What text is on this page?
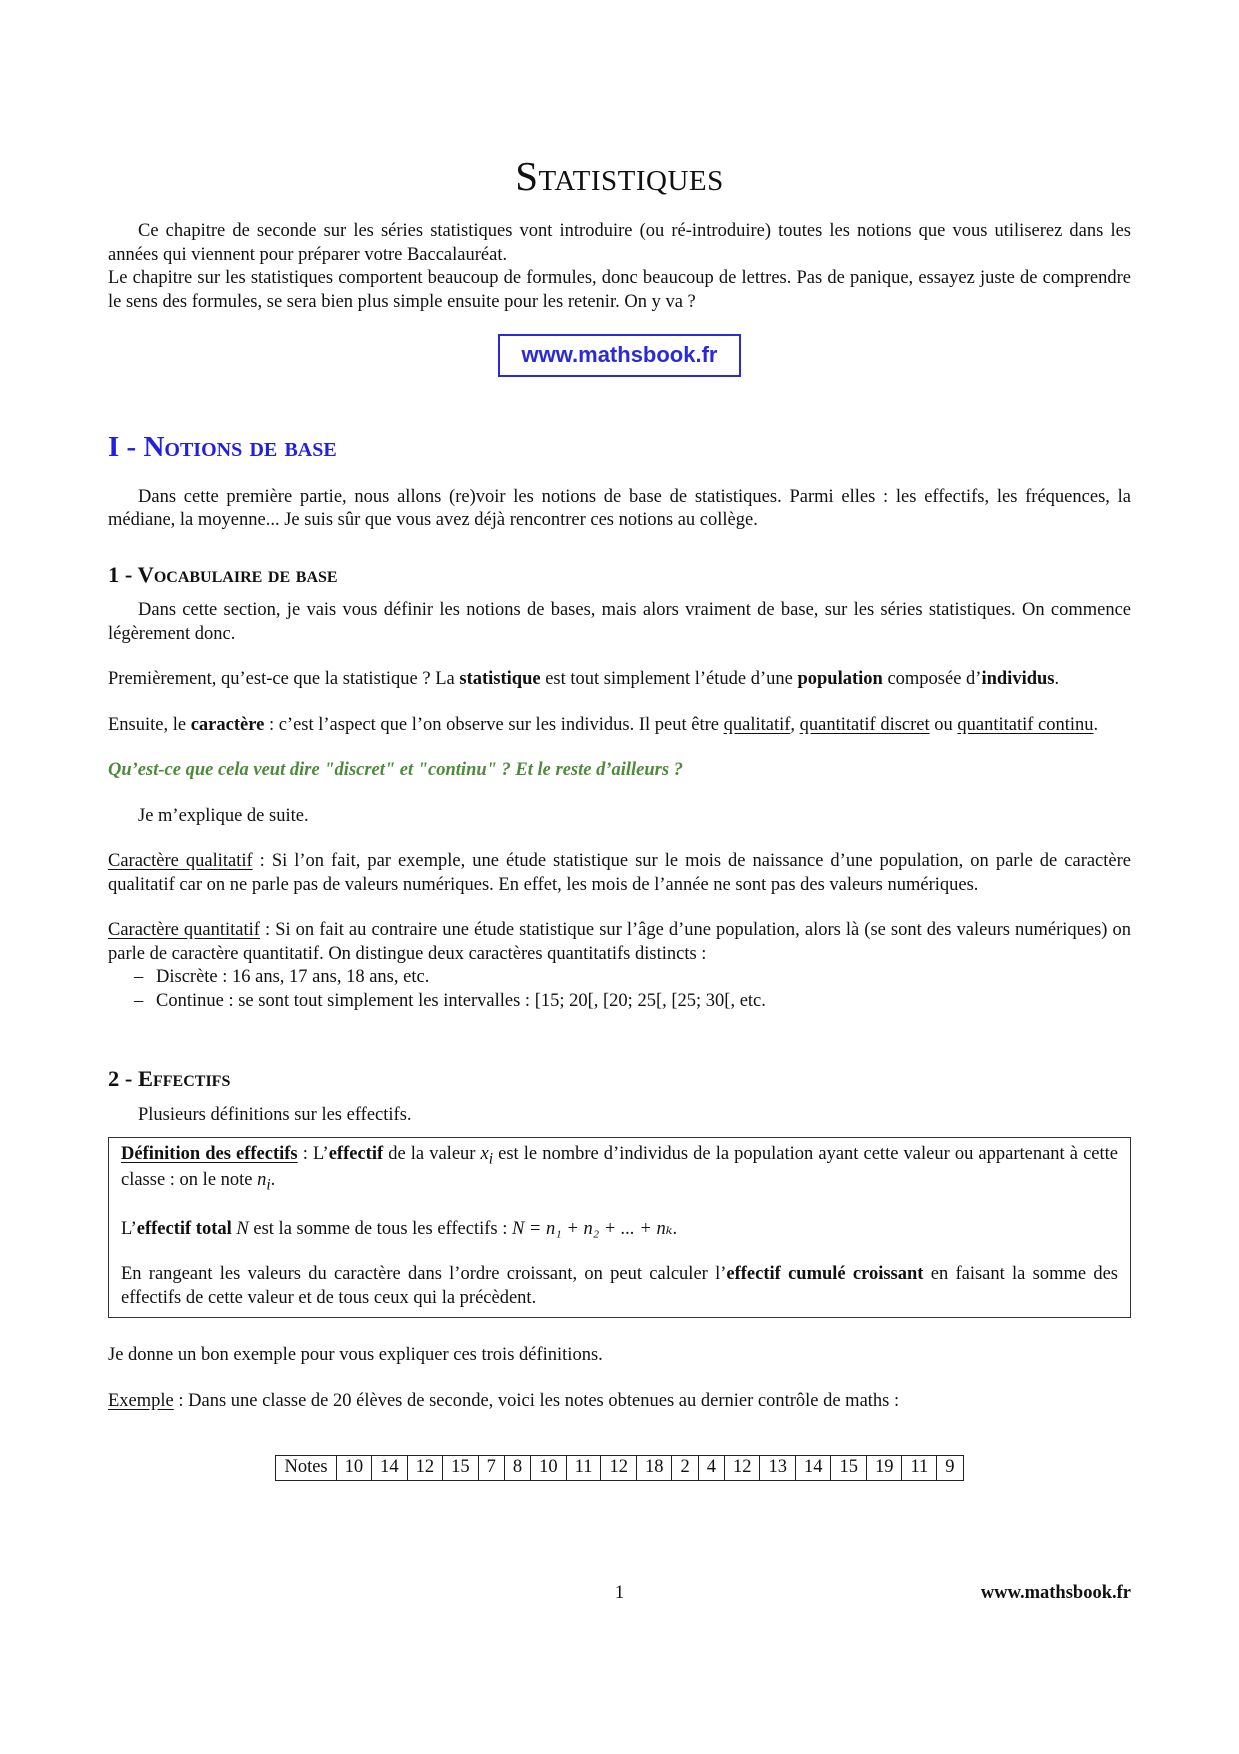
Statistiques

Ce chapitre de seconde sur les séries statistiques vont introduire (ou ré-introduire) toutes les notions que vous utiliserez dans les années qui viennent pour préparer votre Baccalauréat.

Le chapitre sur les statistiques comportent beaucoup de formules, donc beaucoup de lettres. Pas de panique, essayez juste de comprendre le sens des formules, se sera bien plus simple ensuite pour les retenir. On y va ?

www.mathsbook.fr
I - Notions de base

Dans cette première partie, nous allons (re)voir les notions de base de statistiques. Parmi elles : les effectifs, les fréquences, la médiane, la moyenne... Je suis sûr que vous avez déjà rencontrer ces notions au collège.

1 - Vocabulaire de base

Dans cette section, je vais vous définir les notions de bases, mais alors vraiment de base, sur les séries statistiques. On commence légèrement donc.

Premièrement, qu’est-ce que la statistique ? La statistique est tout simplement l’étude d’une population composée d’individus.

Ensuite, le caractère : c’est l’aspect que l’on observe sur les individus. Il peut être qualitatif, quantitatif discret ou quantitatif continu.

Qu’est-ce que cela veut dire "discret" et "continu" ? Et le reste d’ailleurs ?

Je m’explique de suite.

Caractère qualitatif : Si l’on fait, par exemple, une étude statistique sur le mois de naissance d’une population, on parle de caractère qualitatif car on ne parle pas de valeurs numériques. En effet, les mois de l’année ne sont pas des valeurs numériques.

Caractère quantitatif : Si on fait au contraire une étude statistique sur l’âge d’une population, alors là (se sont des valeurs numériques) on parle de caractère quantitatif. On distingue deux caractères quantitatifs distincts :

– Discrète : 16 ans, 17 ans, 18 ans, etc.
– Continue : se sont tout simplement les intervalles : [15; 20[, [20; 25[, [25; 30[, etc.
2 - Effectifs

Plusieurs définitions sur les effectifs.

Définition des effectifs : L’effectif de la valeur $x_i$ est le nombre d’individus de la population ayant cette valeur ou appartenant à cette classe : on le note $n_i$.

L’effectif total N est la somme de tous les effectifs : N = n₁ + n₂ + ... + nₖ.

En rangeant les valeurs du caractère dans l’ordre croissant, on peut calculer l’effectif cumulé croissant en faisant la somme des effectifs de cette valeur et de tous ceux qui la précèdent.

Je donne un bon exemple pour vous expliquer ces trois définitions.

Exemple : Dans une classe de 20 élèves de seconde, voici les notes obtenues au dernier contrôle de maths :

Notes	10	14	12	15	7	8	10	11	12	18	2	4	12	13	14	15	19	11	9
1	www.mathsbook.fr
